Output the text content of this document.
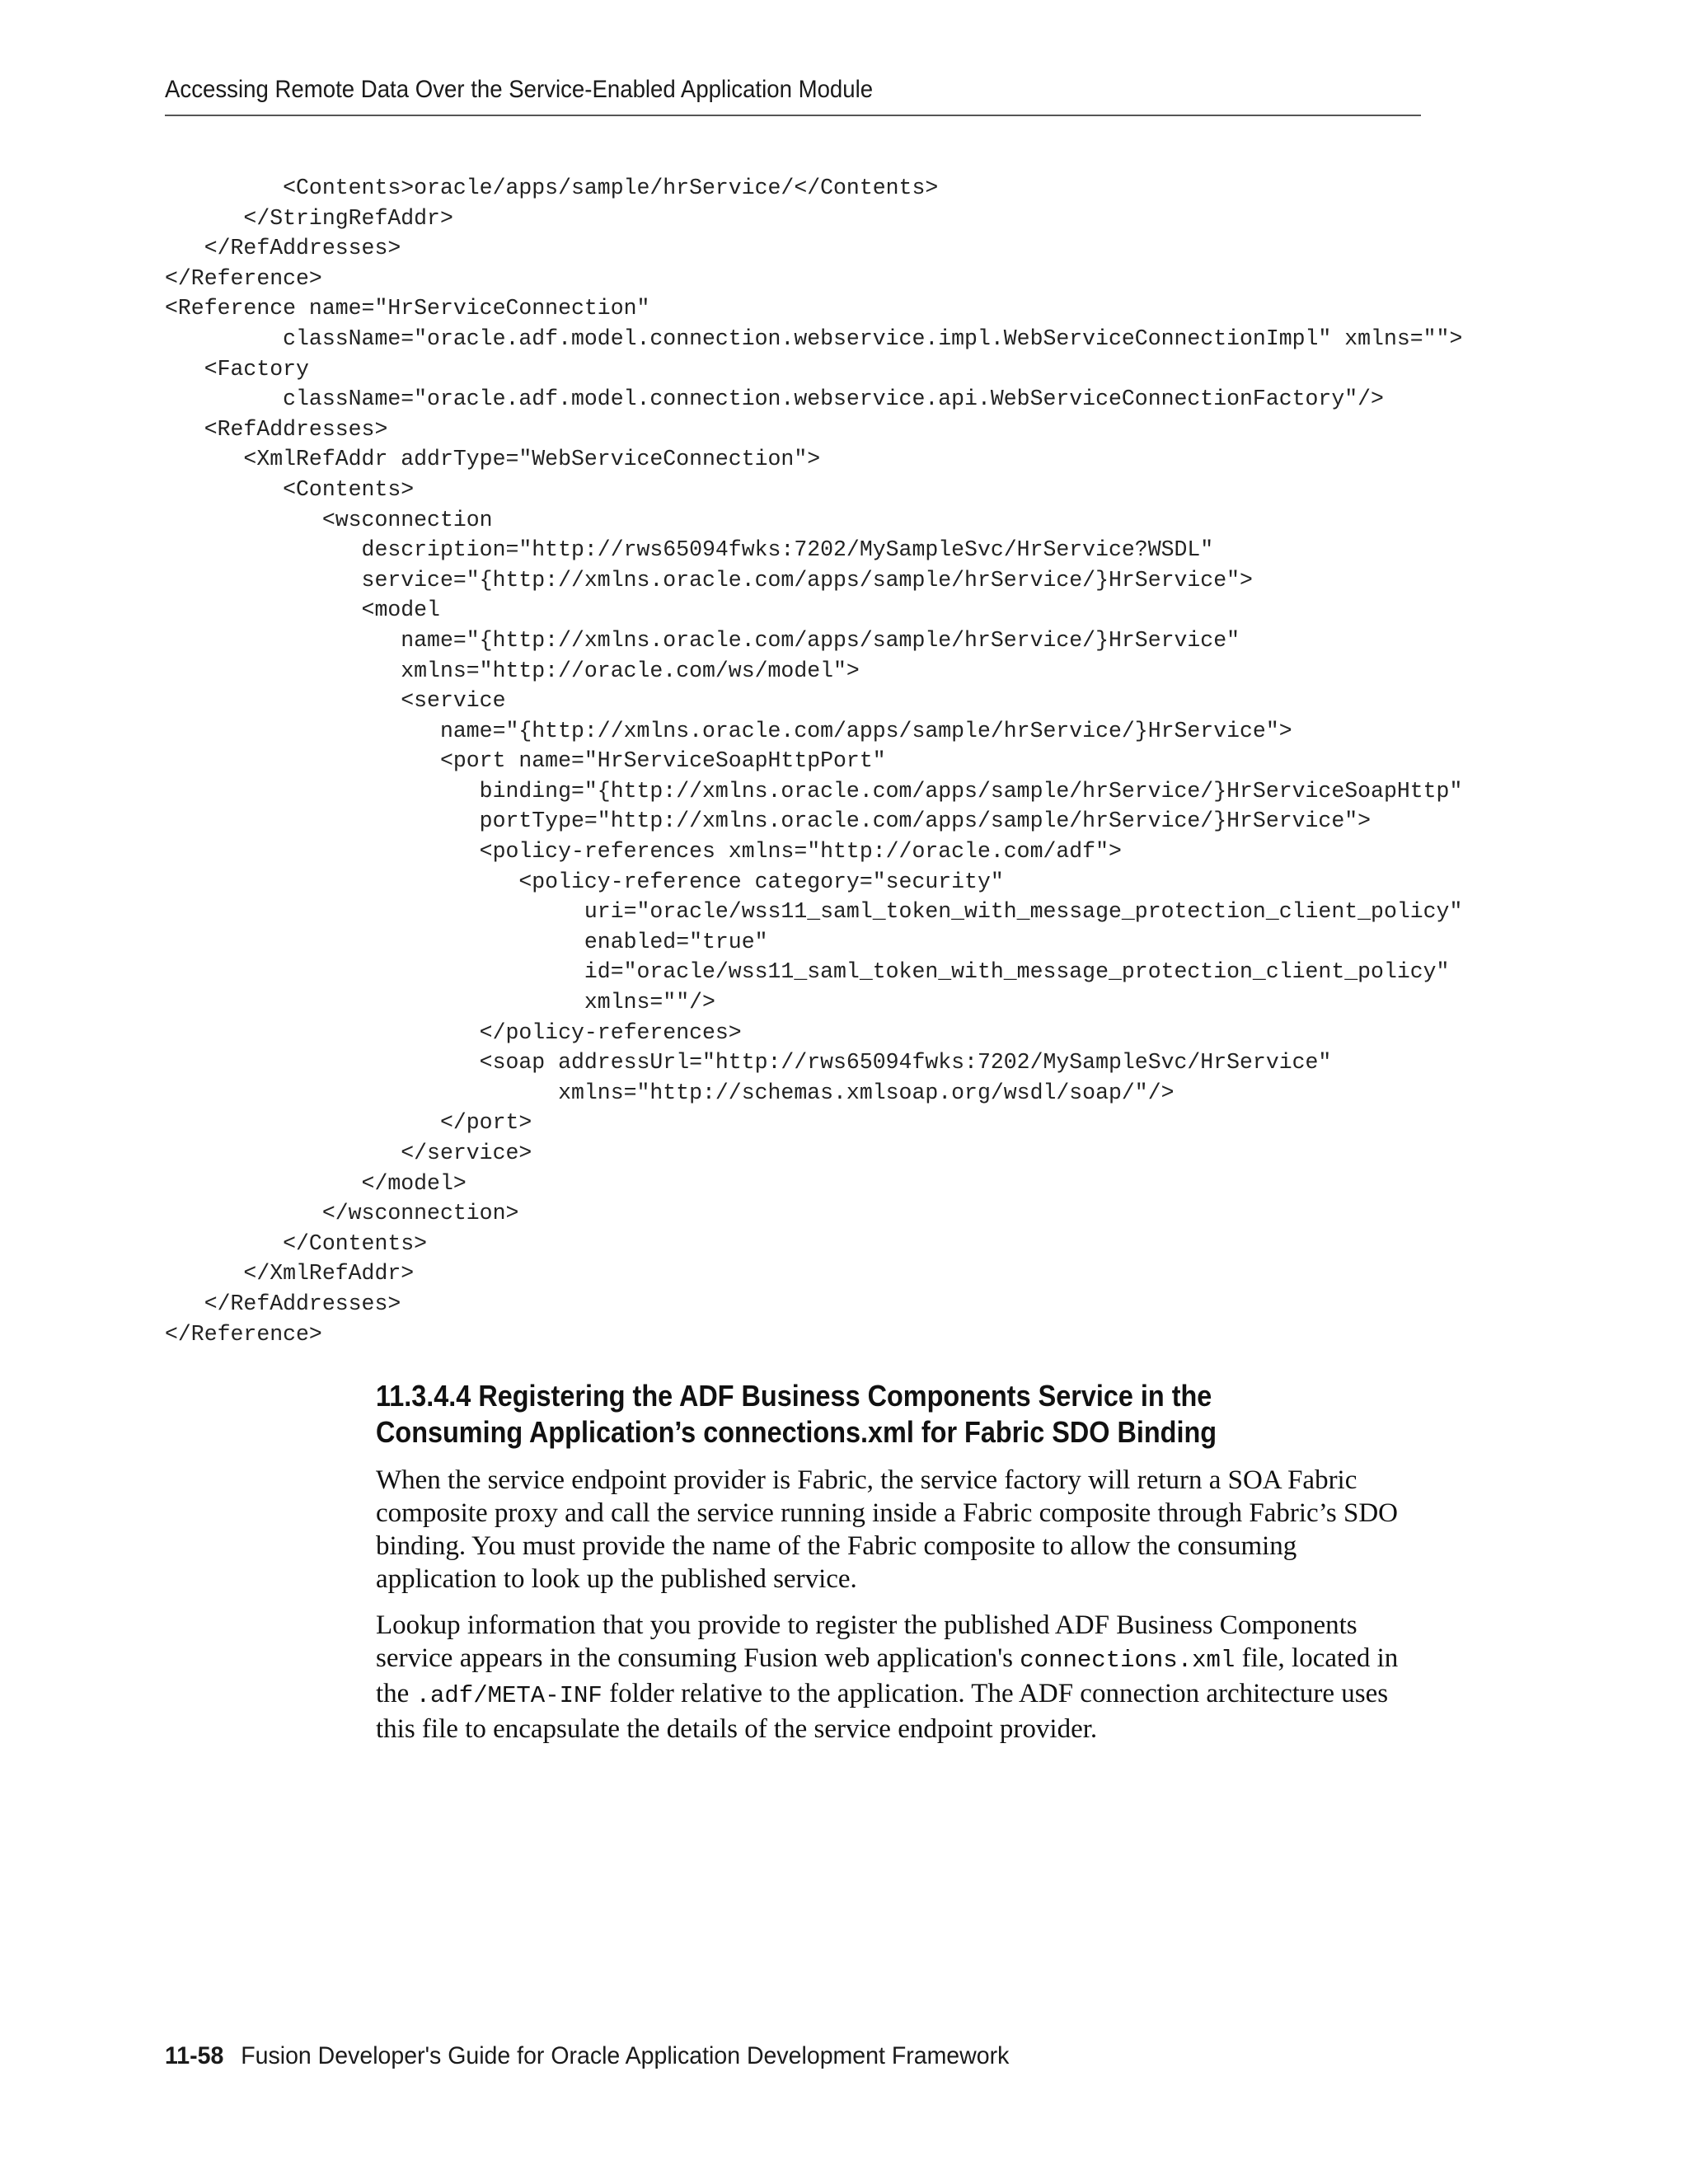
Accessing Remote Data Over the Service-Enabled Application Module
<Contents>oracle/apps/sample/hrService/</Contents>
</StringRefAddr>
</RefAddresses>
</Reference>
<Reference name="HrServiceConnection"
className="oracle.adf.model.connection.webservice.impl.WebServiceConnectionImpl" xmlns="">
<Factory
className="oracle.adf.model.connection.webservice.api.WebServiceConnectionFactory"/>
<RefAddresses>
<XmlRefAddr addrType="WebServiceConnection">
<Contents>
<wsconnection
description="http://rws65094fwks:7202/MySampleSvc/HrService?WSDL"
service="{http://xmlns.oracle.com/apps/sample/hrService/}HrService">
<model
name="{http://xmlns.oracle.com/apps/sample/hrService/}HrService"
xmlns="http://oracle.com/ws/model">
<service
name="{http://xmlns.oracle.com/apps/sample/hrService/}HrService">
<port name="HrServiceSoapHttpPort"
binding="{http://xmlns.oracle.com/apps/sample/hrService/}HrServiceSoapHttp"
portType="http://xmlns.oracle.com/apps/sample/hrService/}HrService">
<policy-references xmlns="http://oracle.com/adf">
<policy-reference category="security"
uri="oracle/wss11_saml_token_with_message_protection_client_policy"
enabled="true"
id="oracle/wss11_saml_token_with_message_protection_client_policy"
xmlns=""/>
</policy-references>
<soap addressUrl="http://rws65094fwks:7202/MySampleSvc/HrService"
xmlns="http://schemas.xmlsoap.org/wsdl/soap/"/>
</port>
</service>
</model>
</wsconnection>
</Contents>
</XmlRefAddr>
</RefAddresses>
</Reference>
11.3.4.4 Registering the ADF Business Components Service in the Consuming Application’s connections.xml for Fabric SDO Binding

When the service endpoint provider is Fabric, the service factory will return a SOA Fabric composite proxy and call the service running inside a Fabric composite through Fabric’s SDO binding. You must provide the name of the Fabric composite to allow the consuming application to look up the published service.

Lookup information that you provide to register the published ADF Business Components service appears in the consuming Fusion web application's connections.xml file, located in the .adf/META-INF folder relative to the application. The ADF connection architecture uses this file to encapsulate the details of the service endpoint provider.

11-58 Fusion Developer's Guide for Oracle Application Development Framework
